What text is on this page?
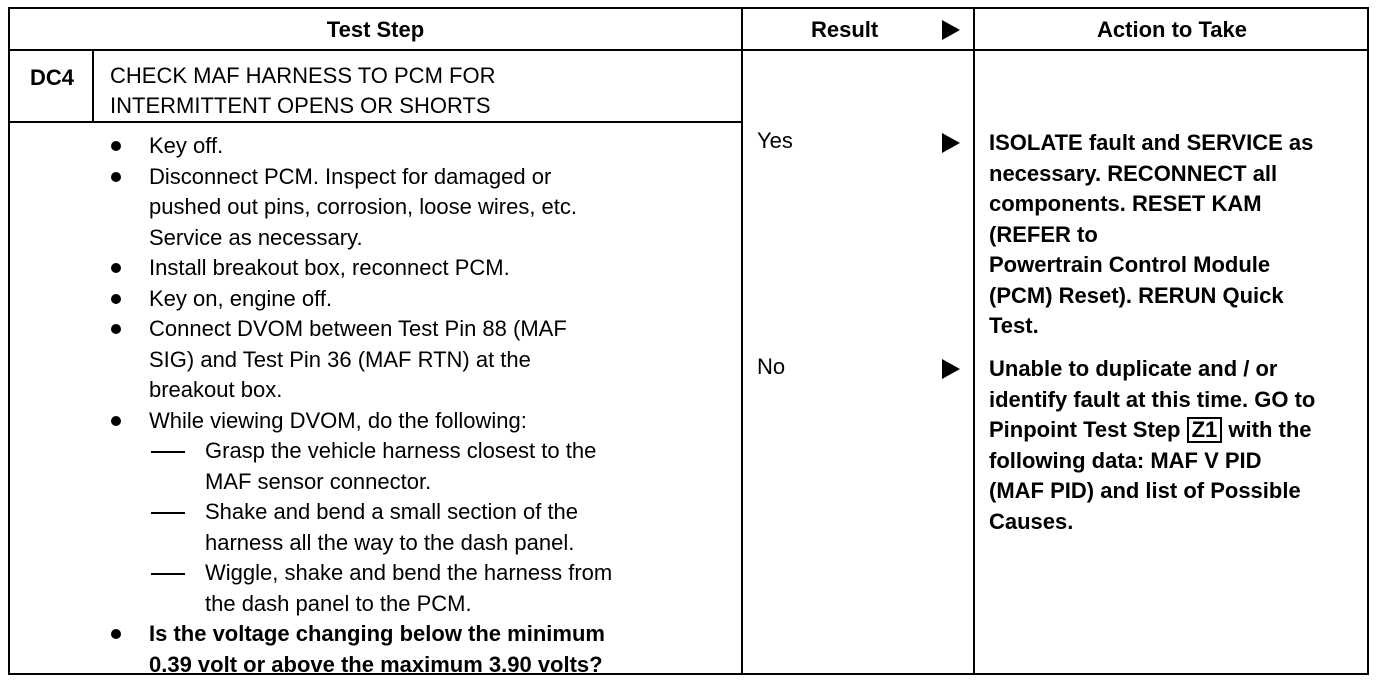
Test Step	Result	Action to Take
DC4 CHECK MAF HARNESS TO PCM FOR
INTERMITTENT OPENS OR SHORTS
Key off.
Disconnect PCM. Inspect for damaged or
pushed out pins, corrosion, loose wires, etc.
Service as necessary.
Install breakout box, reconnect PCM.
Key on, engine off.
Connect DVOM between Test Pin 88 (MAF
SIG) and Test Pin 36 (MAF RTN) at the
breakout box.
While viewing DVOM, do the following:
Grasp the vehicle harness closest to the
MAF sensor connector.
Shake and bend a small section of the
harness all the way to the dash panel.
Wiggle, shake and bend the harness from
the dash panel to the PCM.
Is the voltage changing below the minimum
0.39 volt or above the maximum 3.90 volts?
Yes	ISOLATE fault and SERVICE as
necessary. RECONNECT all
components. RESET KAM
(REFER to
Powertrain Control Module
(PCM) Reset). RERUN Quick
Test.
No	Unable to duplicate and / or
identify fault at this time. GO to
Pinpoint Test Step Z1 with the
following data: MAF V PID
(MAF PID) and list of Possible
Causes.
